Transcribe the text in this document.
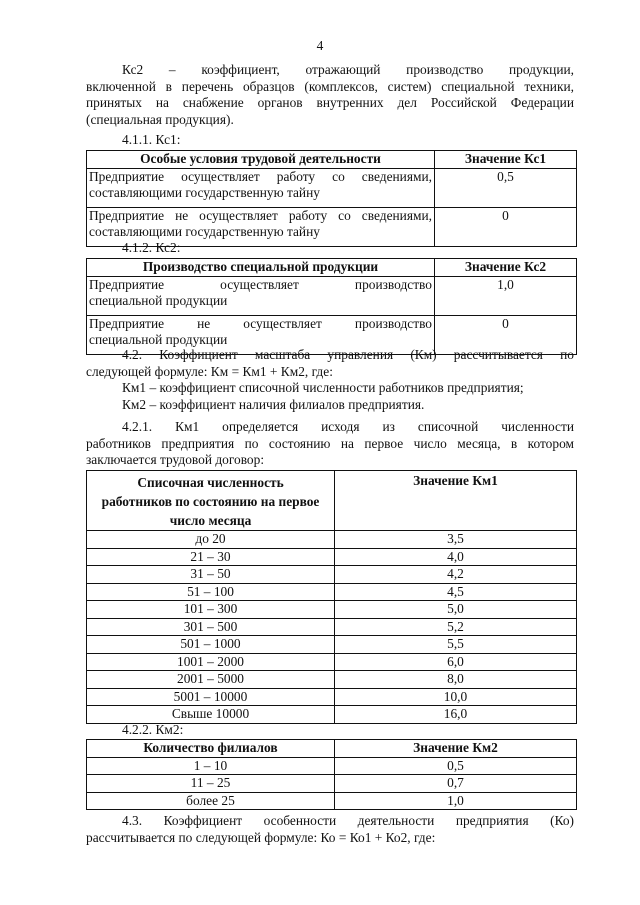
4
Кс2 – коэффициент, отражающий производство продукции,
включенной в перечень образцов (комплексов, систем) специальной техники, принятых на снабжение органов внутренних дел Российской Федерации (специальная продукция).
4.1.1. Кс1:
Особые условия трудовой деятельности	Значение Кс1

Предприятие осуществляет работу со сведениями,
составляющими государственную тайну	0,5

Предприятие не осуществляет работу со сведениями,
составляющими государственную тайну	0
4.1.2. Кс2:
Производство специальной продукции	Значение Кс2

Предприятие осуществляет производство
специальной продукции	1,0

Предприятие не осуществляет производство
специальной продукции	0
4.2. Коэффициент масштаба управления (Км) рассчитывается по
следующей формуле: Км = Км1 + Км2, где:
Км1 – коэффициент списочной численности работников предприятия;
Км2 – коэффициент наличия филиалов предприятия.
4.2.1. Км1 определяется исходя из списочной численности
работников предприятия по состоянию на первое число месяца, в котором заключается трудовой договор:
Списочная численность работников по состоянию на первое число месяца	Значение Км1
до 20	3,5
21 – 30	4,0
31 – 50	4,2
51 – 100	4,5
101 – 300	5,0
301 – 500	5,2
501 – 1000	5,5
1001 – 2000	6,0
2001 – 5000	8,0
5001 – 10000	10,0
Свыше 10000	16,0
4.2.2. Км2:
Количество филиалов	Значение Км2
1 – 10	0,5
11 – 25	0,7
более 25	1,0
4.3. Коэффициент особенности деятельности предприятия (Ко)
рассчитывается по следующей формуле: Ко = Ко1 + Ко2, где:
